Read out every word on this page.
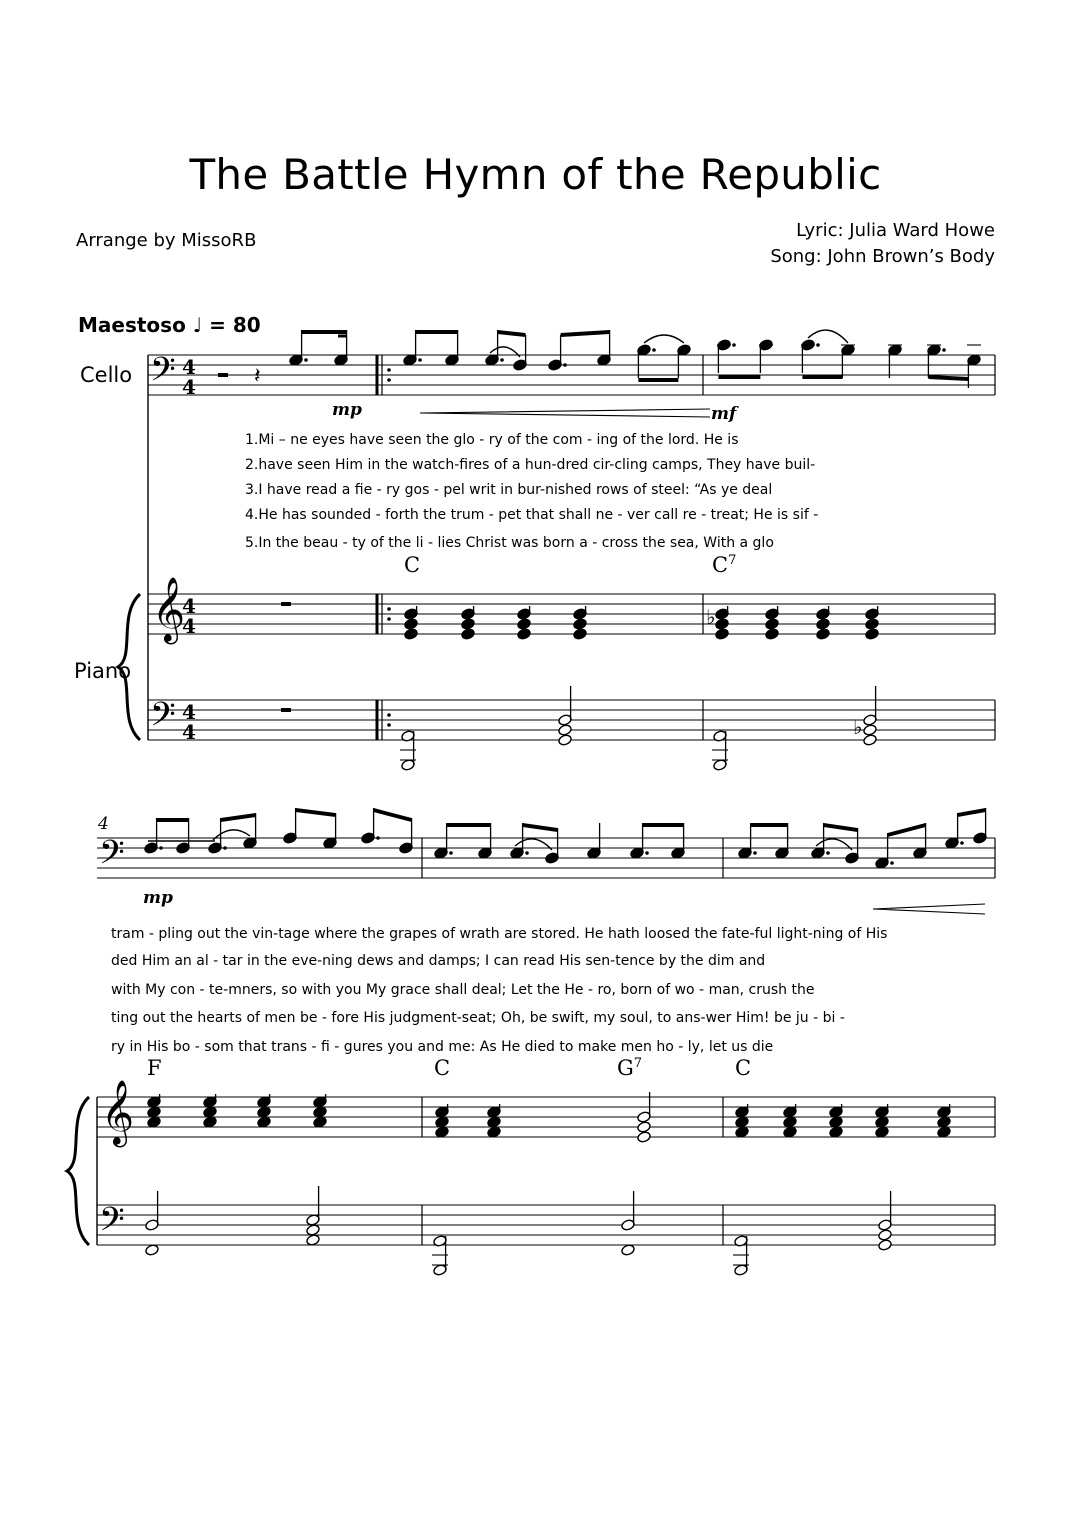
The Battle Hymn of the Republic
Arrange by MissoRB	Lyric: Julia Ward Howe
Song: John Brown’s Body
Maestoso ♩ = 80
Cello
Piano
4
mp	mf
mp
C	$C^7$
F	C	$G^7$	C
1.Mi – ne eyes have seen the glo - ry of the com - ing of the lord. He is
2.have seen Him in the watch-fires of a hun-dred cir-cling camps, They have buil-
3.I have read a fie - ry gos - pel writ in bur-nished rows of steel: “As ye deal
4.He has sounded - forth the trum - pet that shall ne - ver call re - treat; He is sif -
5.In the beau - ty of the li - lies Christ was born a - cross the sea, With a glo
tram - pling out the vin-tage where the grapes of wrath are stored. He hath loosed the fate-ful light-ning of His
ded Him an al - tar in the eve-ning dews and damps; I can read His sen-tence by the dim and
with My con - te-mners, so with you My grace shall deal; Let the He - ro, born of wo - man, crush the
ting out the hearts of men be - fore His judgment-seat; Oh, be swift, my soul, to ans-wer Him! be ju - bi -
ry in His bo - som that trans - fi - gures you and me: As He died to make men ho - ly, let us die
𝄢 4
4
𝄞
4
4
𝄢 4
4
𝄽
♭
♭
𝄢
𝄞
𝄢
